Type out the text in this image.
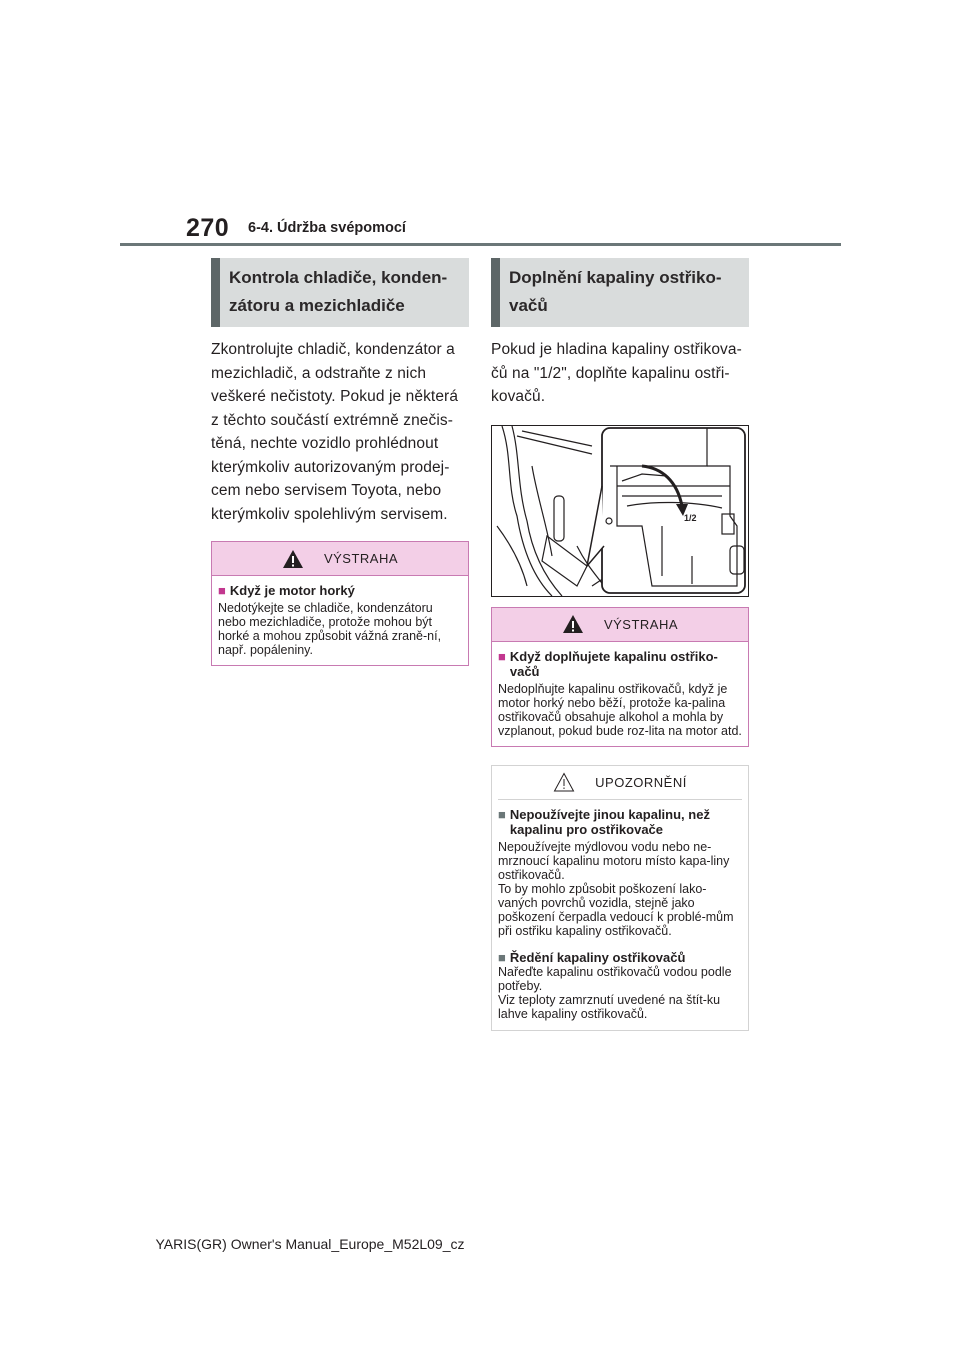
270 6-4. Údržba svépomocí
Kontrola chladiče, konden-
zátoru a mezichladiče

Zkontrolujte chladič, kondenzátor a mezichladič, a odstraňte z nich veškeré nečistoty. Pokud je některá z těchto součástí extrémně znečis-těná, nechte vozidlo prohlédnout kterýmkoliv autorizovaným prodej-cem nebo servisem Toyota, nebo kterýmkoliv spolehlivým servisem.

VÝSTRAHA
■ Když je motor horký
Nedotýkejte se chladiče, kondenzátoru nebo mezichladiče, protože mohou být horké a mohou způsobit vážná zraně-ní, např. popáleniny.
Doplnění kapaliny ostřiko-
vačů

Pokud je hladina kapaliny ostřikova-čů na "1/2", doplňte kapalinu ostři-kovačů.

1/2
VÝSTRAHA
■ Když doplňujete kapalinu ostřiko-vačů
Nedoplňujte kapalinu ostřikovačů, když je motor horký nebo běží, protože ka-palina ostřikovačů obsahuje alkohol a mohla by vzplanout, pokud bude roz-lita na motor atd.
UPOZORNĚNÍ
■ Nepoužívejte jinou kapalinu, než kapalinu pro ostřikovače
Nepoužívejte mýdlovou vodu nebo ne-mrznoucí kapalinu motoru místo kapa-liny ostřikovačů.
To by mohlo způsobit poškození lako-vaných povrchů vozidla, stejně jako poškození čerpadla vedoucí k problé-mům při ostřiku kapaliny ostřikovačů.
■ Ředění kapaliny ostřikovačů
Nařeďte kapalinu ostřikovačů vodou podle potřeby.
Viz teploty zamrznutí uvedené na štít-ku lahve kapaliny ostřikovačů.
YARIS(GR) Owner's Manual_Europe_M52L09_cz
